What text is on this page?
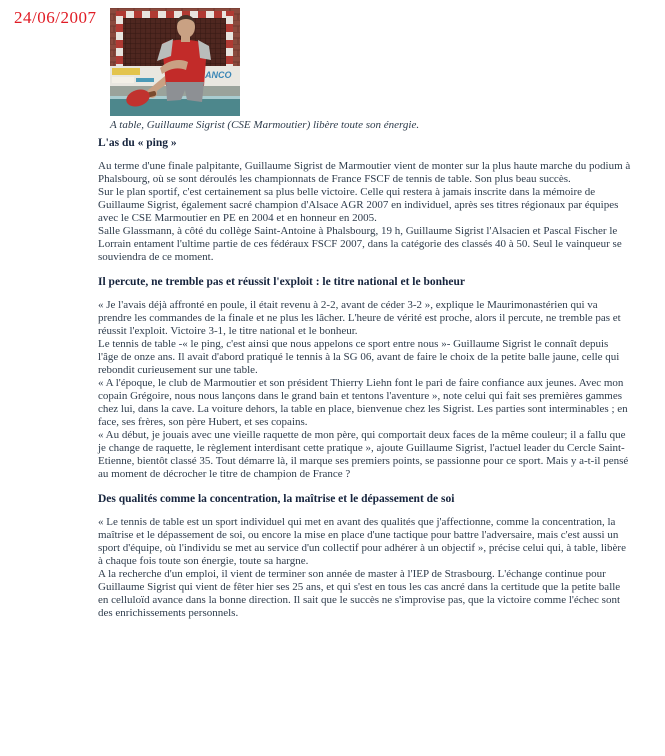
24/06/2007
ANCO
A table, Guillaume Sigrist (CSE Marmoutier) libère toute son énergie.
L'as du « ping »

Au terme d'une finale palpitante, Guillaume Sigrist de Marmoutier vient de monter sur la plus haute marche du podium à Phalsbourg, où se sont déroulés les championnats de France FSCF de tennis de table. Son plus beau succès.

Sur le plan sportif, c'est certainement sa plus belle victoire. Celle qui restera à jamais inscrite dans la mémoire de Guillaume Sigrist, également sacré champion d'Alsace AGR 2007 en individuel, après ses titres régionaux par équipes avec le CSE Marmoutier en PE en 2004 et en honneur en 2005.

Salle Glassmann, à côté du collège Saint-Antoine à Phalsbourg, 19 h, Guillaume Sigrist l'Alsacien et Pascal Fischer le Lorrain entament l'ultime partie de ces fédéraux FSCF 2007, dans la catégorie des classés 40 à 50. Seul le vainqueur se souviendra de ce moment.

Il percute, ne tremble pas et réussit l'exploit : le titre national et le bonheur

« Je l'avais déjà affronté en poule, il était revenu à 2-2, avant de céder 3-2 », explique le Maurimonastérien qui va prendre les commandes de la finale et ne plus les lâcher. L'heure de vérité est proche, alors il percute, ne tremble pas et réussit l'exploit. Victoire 3-1, le titre national et le bonheur.

Le tennis de table -« le ping, c'est ainsi que nous appelons ce sport entre nous »- Guillaume Sigrist le connaît depuis l'âge de onze ans. Il avait d'abord pratiqué le tennis à la SG 06, avant de faire le choix de la petite balle jaune, celle qui rebondit curieusement sur une table.

« A l'époque, le club de Marmoutier et son président Thierry Liehn font le pari de faire confiance aux jeunes. Avec mon copain Grégoire, nous nous lançons dans le grand bain et tentons l'aventure », note celui qui fait ses premières gammes chez lui, dans la cave. La voiture dehors, la table en place, bienvenue chez les Sigrist. Les parties sont interminables ; en face, ses frères, son père Hubert, et ses copains.

« Au début, je jouais avec une vieille raquette de mon père, qui comportait deux faces de la même couleur; il a fallu que je change de raquette, le règlement interdisant cette pratique », ajoute Guillaume Sigrist, l'actuel leader du Cercle Saint-Etienne, bientôt classé 35. Tout démarre là, il marque ses premiers points, se passionne pour ce sport. Mais y a-t-il pensé au moment de décrocher le titre de champion de France ?

Des qualités comme la concentration, la maîtrise et le dépassement de soi

« Le tennis de table est un sport individuel qui met en avant des qualités que j'affectionne, comme la concentration, la maîtrise et le dépassement de soi, ou encore la mise en place d'une tactique pour battre l'adversaire, mais c'est aussi un sport d'équipe, où l'individu se met au service d'un collectif pour adhérer à un objectif », précise celui qui, à table, libère à chaque fois toute son énergie, toute sa hargne.

A la recherche d'un emploi, il vient de terminer son année de master à l'IEP de Strasbourg. L'échange continue pour Guillaume Sigrist qui vient de fêter hier ses 25 ans, et qui s'est en tous les cas ancré dans la certitude que la petite balle en celluloïd avance dans la bonne direction. Il sait que le succès ne s'improvise pas, que la victoire comme l'échec sont des enrichissements personnels.
